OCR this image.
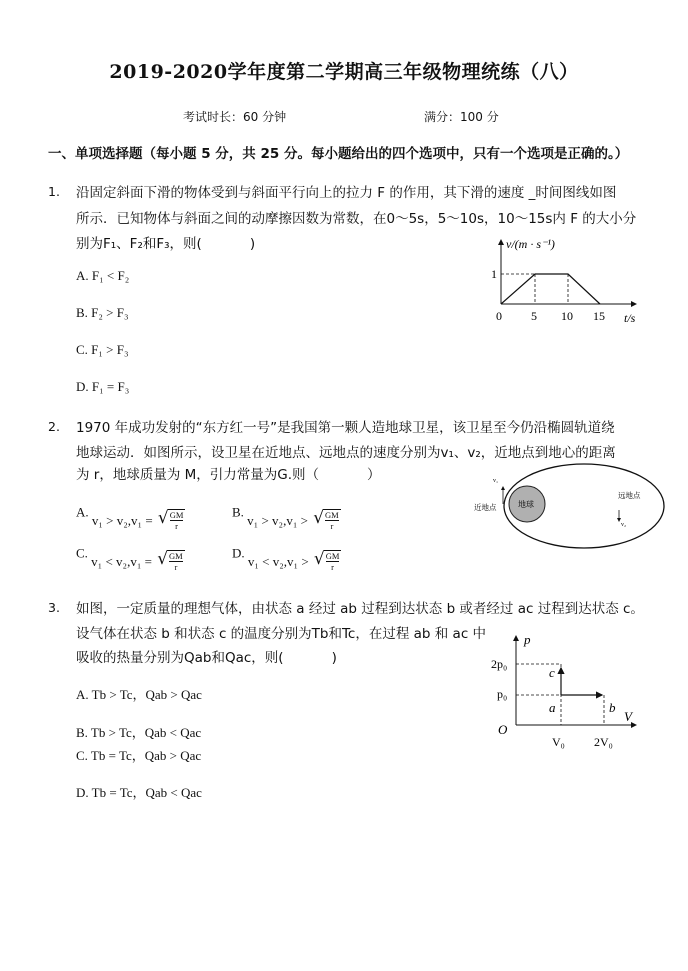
2019-2020学年度第二学期高三年级物理统练（八）
考试时长：60 分钟	满分：100 分
一、单项选择题（每小题 5 分，共 25 分。每小题给出的四个选项中，只有一个选项是正确的。）
1. 沿固定斜面下滑的物体受到与斜面平行向上的拉力 F 的作用，其下滑的速度 _时间图线如图
所示．已知物体与斜面之间的动摩擦因数为常数，在0～5s，5～10s，10～15s内 F 的大小分
别为F₁、F₂和F₃，则(	)
A. F₁ < F₂
B. F₂ > F₃
C. F₁ > F₃
D. F₁ = F₃
v/(m · s⁻¹)
1
0 5 10 15 t/s
2. 1970 年成功发射的“东方红一号”是我国第一颗人造地球卫星，该卫星至今仍沿椭圆轨道绕
地球运动．如图所示，设卫星在近地点、远地点的速度分别为v₁、v₂，近地点到地心的距离
为 r，地球质量为 M，引力常量为G.则（	）
A. v₁ > v₂,v₁ = √ $\frac{GM}{r}$	B. v₁ > v₂,v₁ > √ $\frac{GM}{r}$
C. v₁ < v₂,v₁ = √ $\frac{GM}{r}$	D. v₁ < v₂,v₁ > √ $\frac{GM}{r}$
地球
近地点
远地点
v₁
v₂
3. 如图，一定质量的理想气体，由状态 a 经过 ab 过程到达状态 b 或者经过 ac 过程到达状态 c。
设气体在状态 b 和状态 c 的温度分别为Tb和Tc，在过程 ab 和 ac 中
吸收的热量分别为Qab和Qac，则(	)
A. Tb > Tc，Qab > Qac
B. Tb > Tc，Qab < Qac
C. Tb = Tc，Qab > Qac
D. Tb = Tc，Qab < Qac
p
V
O
2p₀
p₀
V₀ 2V₀
a	b
c
